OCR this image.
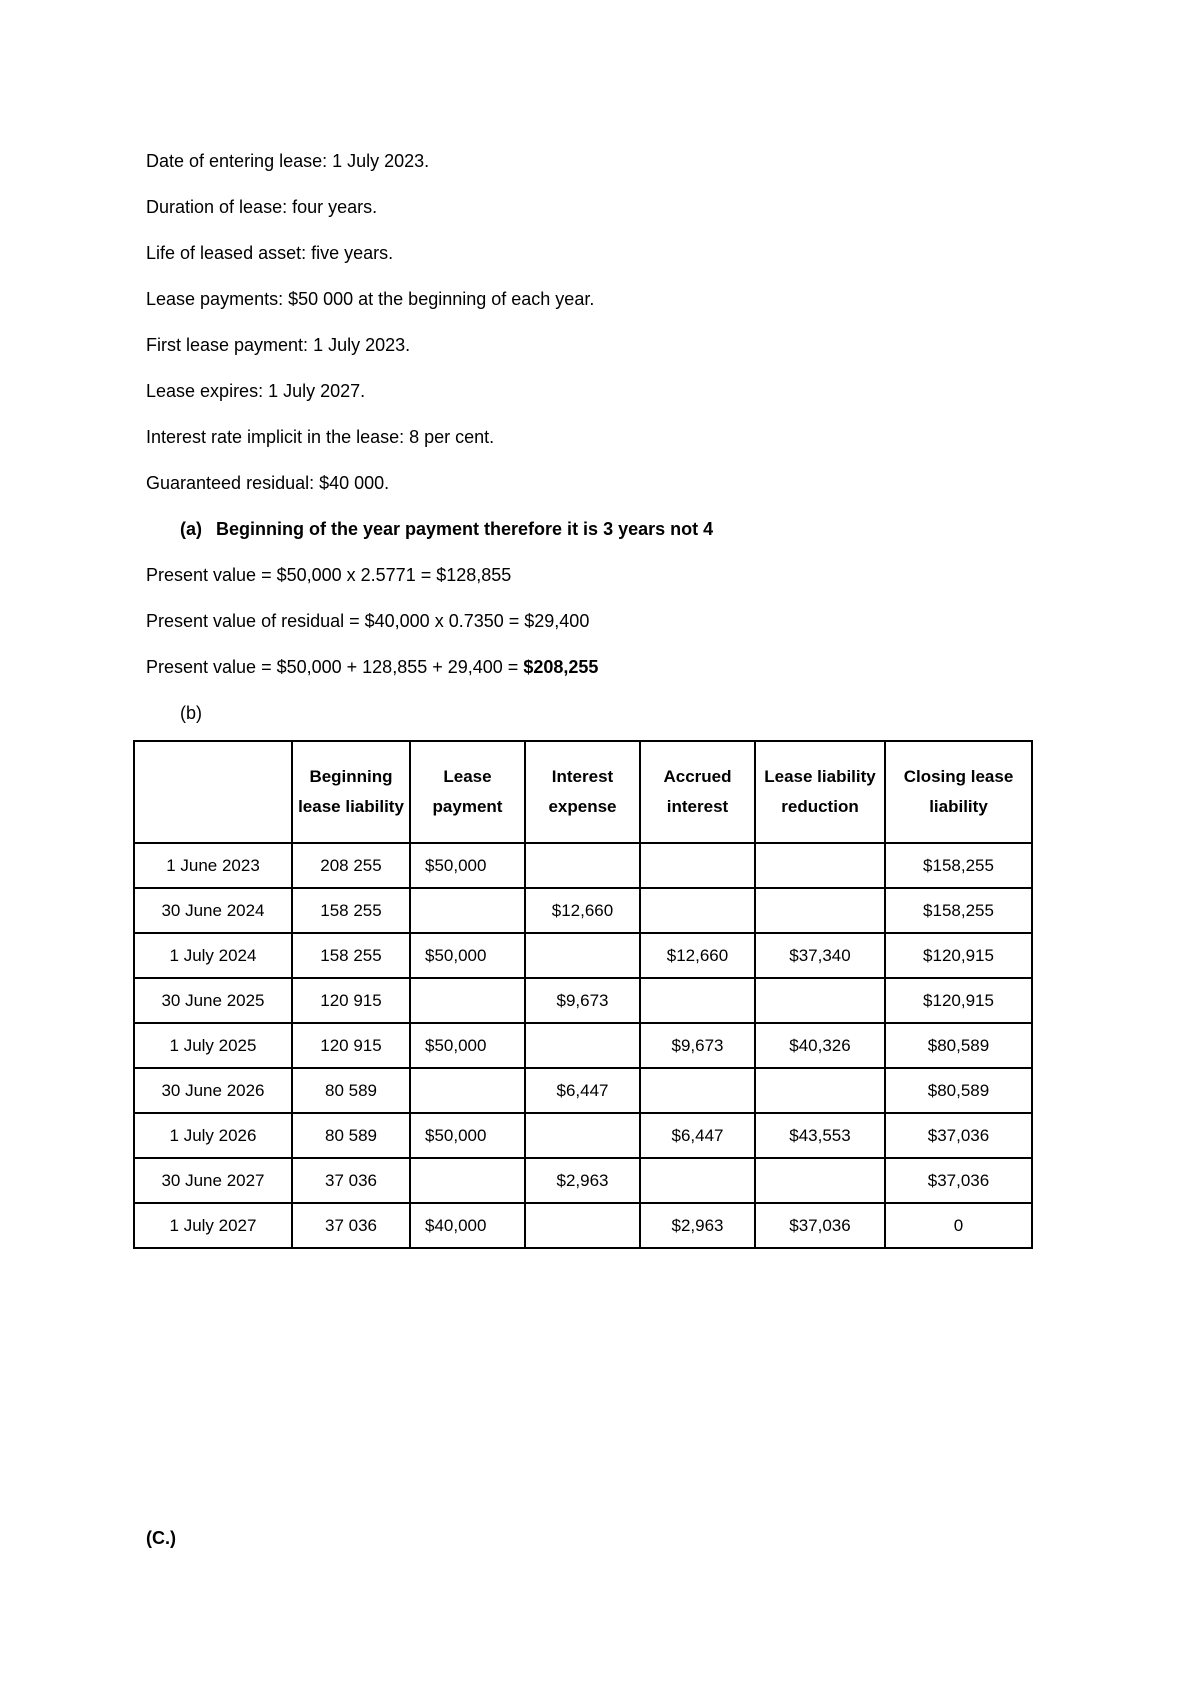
Date of entering lease: 1 July 2023.
Duration of lease: four years.
Life of leased asset: five years.
Lease payments: $50 000 at the beginning of each year.
First lease payment: 1 July 2023.
Lease expires: 1 July 2027.
Interest rate implicit in the lease: 8 per cent.
Guaranteed residual: $40 000.
(a) Beginning of the year payment therefore it is 3 years not 4
Present value = $50,000 x 2.5771 = $128,855
Present value of residual = $40,000 x 0.7350 = $29,400
Present value = $50,000 + 128,855 + 29,400 = $208,255
(b)
	Beginning lease liability	Lease payment	Interest expense	Accrued interest	Lease liability reduction	Closing lease liability
1 June 2023	208 255	$50,000				$158,255
30 June 2024	158 255		$12,660			$158,255
1 July 2024	158 255	$50,000		$12,660	$37,340	$120,915
30 June 2025	120 915		$9,673			$120,915
1 July 2025	120 915	$50,000		$9,673	$40,326	$80,589
30 June 2026	80 589		$6,447			$80,589
1 July 2026	80 589	$50,000		$6,447	$43,553	$37,036
30 June 2027	37 036		$2,963			$37,036
1 July 2027	37 036	$40,000		$2,963	$37,036	0
(C.)
